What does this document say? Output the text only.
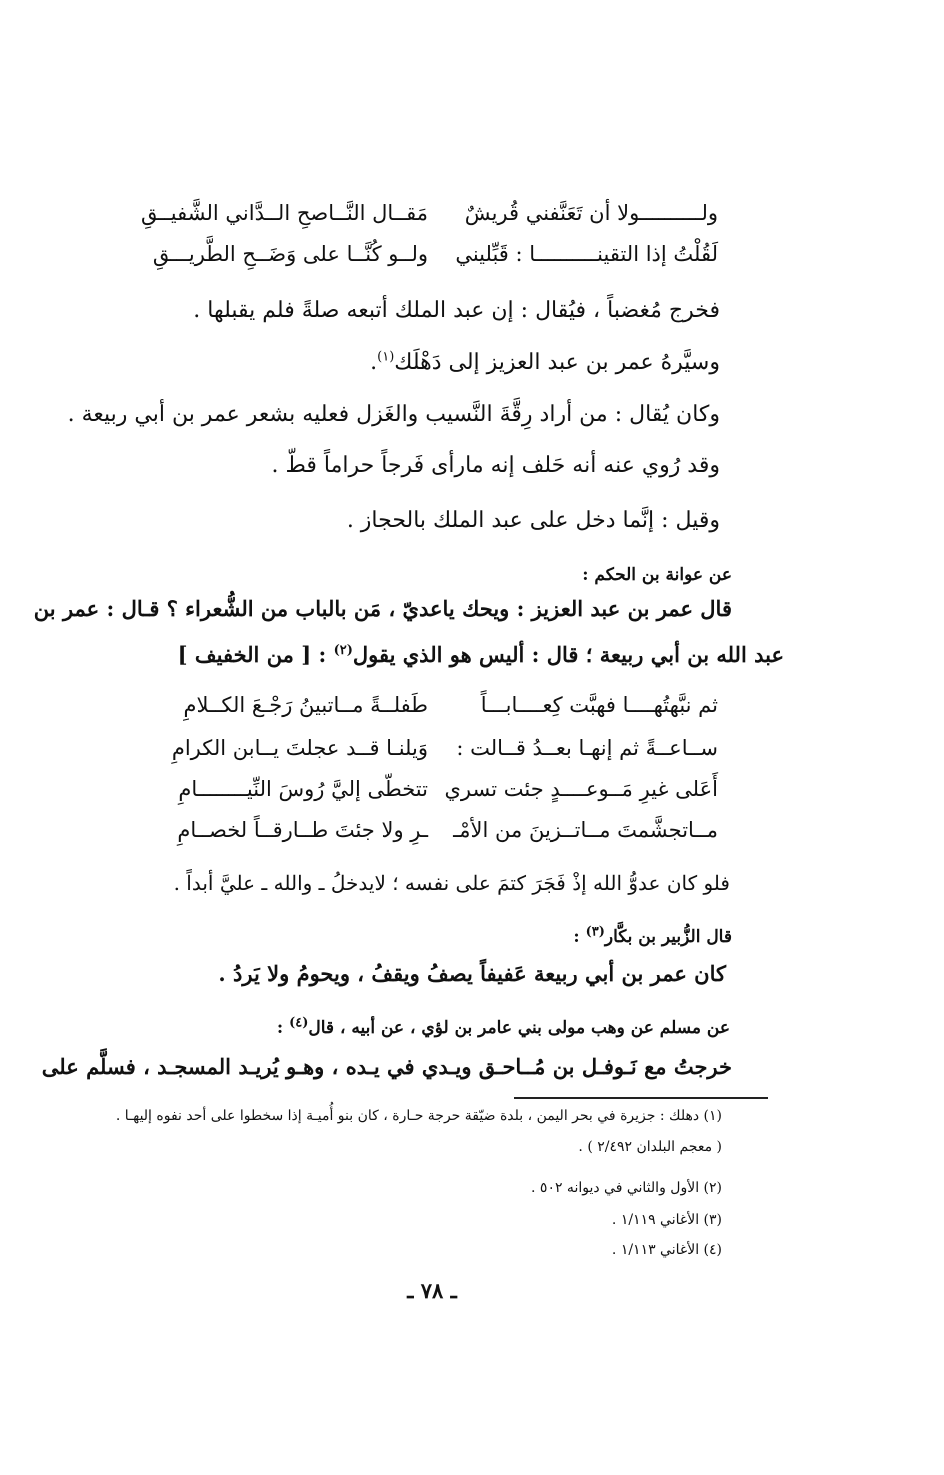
ولــــــــــولا أن تَعَنَّفني قُريشٌ
مَقــال النَّــاصحِ الــدَّاني الشَّفيــقِ
لَقُلْتُ إذا التقينــــــــــا : قَبِّليني
ولــو كُنَّــا على وَضَــحِ الطَّريـــقِ
فخرج مُغضباً ، فيُقال : إن عبد الملك أتبعه صلةً فلم يقبلها .
وسيَّرهُ عمر بن عبد العزيز إلى دَهْلَك$^{(١)}$.
وكان يُقال : من أراد رِقَّةَ النَّسيب والغَزل فعليه بشعر عمر بن أبي ربيعة .
وقد رُوي عنه أنه حَلف إنه مارأى فَرجاً حراماً قطّ .
وقيل : إنَّما دخل على عبد الملك بالحجاز .
عن عوانة بن الحكم :
قال عمر بن عبد العزيز : ويحك ياعديّ ، مَن بالباب من الشُّعراء ؟ قـال : عمر بن
عبد الله بن أبي ربيعة ؛ قال : أليس هو الذي يقول$^{(٢)}$ : [ من الخفيف ]
ثم نبَّهتُهــــا فهبَّت كِعــــابـــاً
طَفلــةً مــاتبينُ رَجْـعَ الكــلامِ
ســاعــةً ثم إنهـا بعــدُ قــالت :
وَيلنـا قــد عجلتَ يــابن الكرامِ
أَعَلى غيرِ مَــوعــــدٍ جئت تسري
تتخطّى إليَّ رُوسَ النِّيــــــــامِ
مــاتجشَّمتَ مــاتــزينَ من الأمْـ
ـرِ ولا جئتَ طــارقــاً لخصــامِ
فلو كان عدوُّ الله إذْ فَجَرَ كتمَ على نفسه ؛ لايدخلُ ـ والله ـ عليَّ أبداً .
قال الزُّبير بن بكَّار$^{(٣)}$ :
كان عمر بن أبي ربيعة عَفيفاً يصفُ ويقفُ ، ويحومُ ولا يَردُ .
عن مسلم عن وهب مولى بني عامر بن لؤي ، عن أبيه ، قال$^{(٤)}$ :
خرجتُ مع نَـوفـل بن مُــاحـق ويـدي في يـده ، وهـو يُريـد المسجـد ، فسلَّم على
(١) دهلك : جزيرة في بحر اليمن ، بلدة ضيّقة حرجة حـارة ، كان بنو أُميـة إذا سخطوا على أحد نفوه إليهـا .
( معجم البلدان ٢/٤٩٢ ) .
(٢) الأول والثاني في ديوانه ٥٠٢ .
(٣) الأغاني ١/١١٩ .
(٤) الأغاني ١/١١٣ .
ـ ٧٨ ـ
